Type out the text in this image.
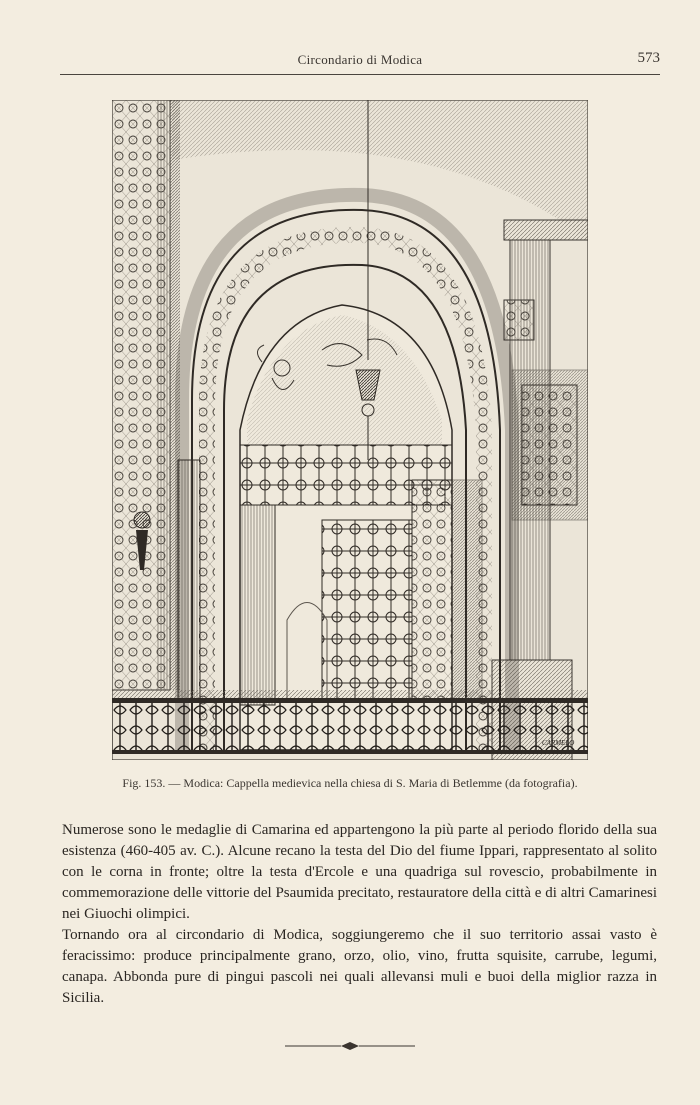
Circondario di Modica	573
CARMELO
Fig. 153. — Modica: Cappella medievica nella chiesa di S. Maria di Betlemme (da fotografia).

Numerose sono le medaglie di Camarina ed appartengono la più parte al periodo florido della sua esistenza (460-405 av. C.). Alcune recano la testa del Dio del fiume Ippari, rappresentato al solito con le corna in fronte; oltre la testa d'Ercole e una quadriga sul rovescio, probabilmente in commemorazione delle vittorie del Psaumida precitato, restauratore della città e di altri Camarinesi nei Giuochi olimpici.

Tornando ora al circondario di Modica, soggiungeremo che il suo territorio assai vasto è feracissimo: produce principalmente grano, orzo, olio, vino, frutta squisite, carrube, legumi, canapa. Abbonda pure di pingui pascoli nei quali allevansi muli e buoi della miglior razza in Sicilia.
